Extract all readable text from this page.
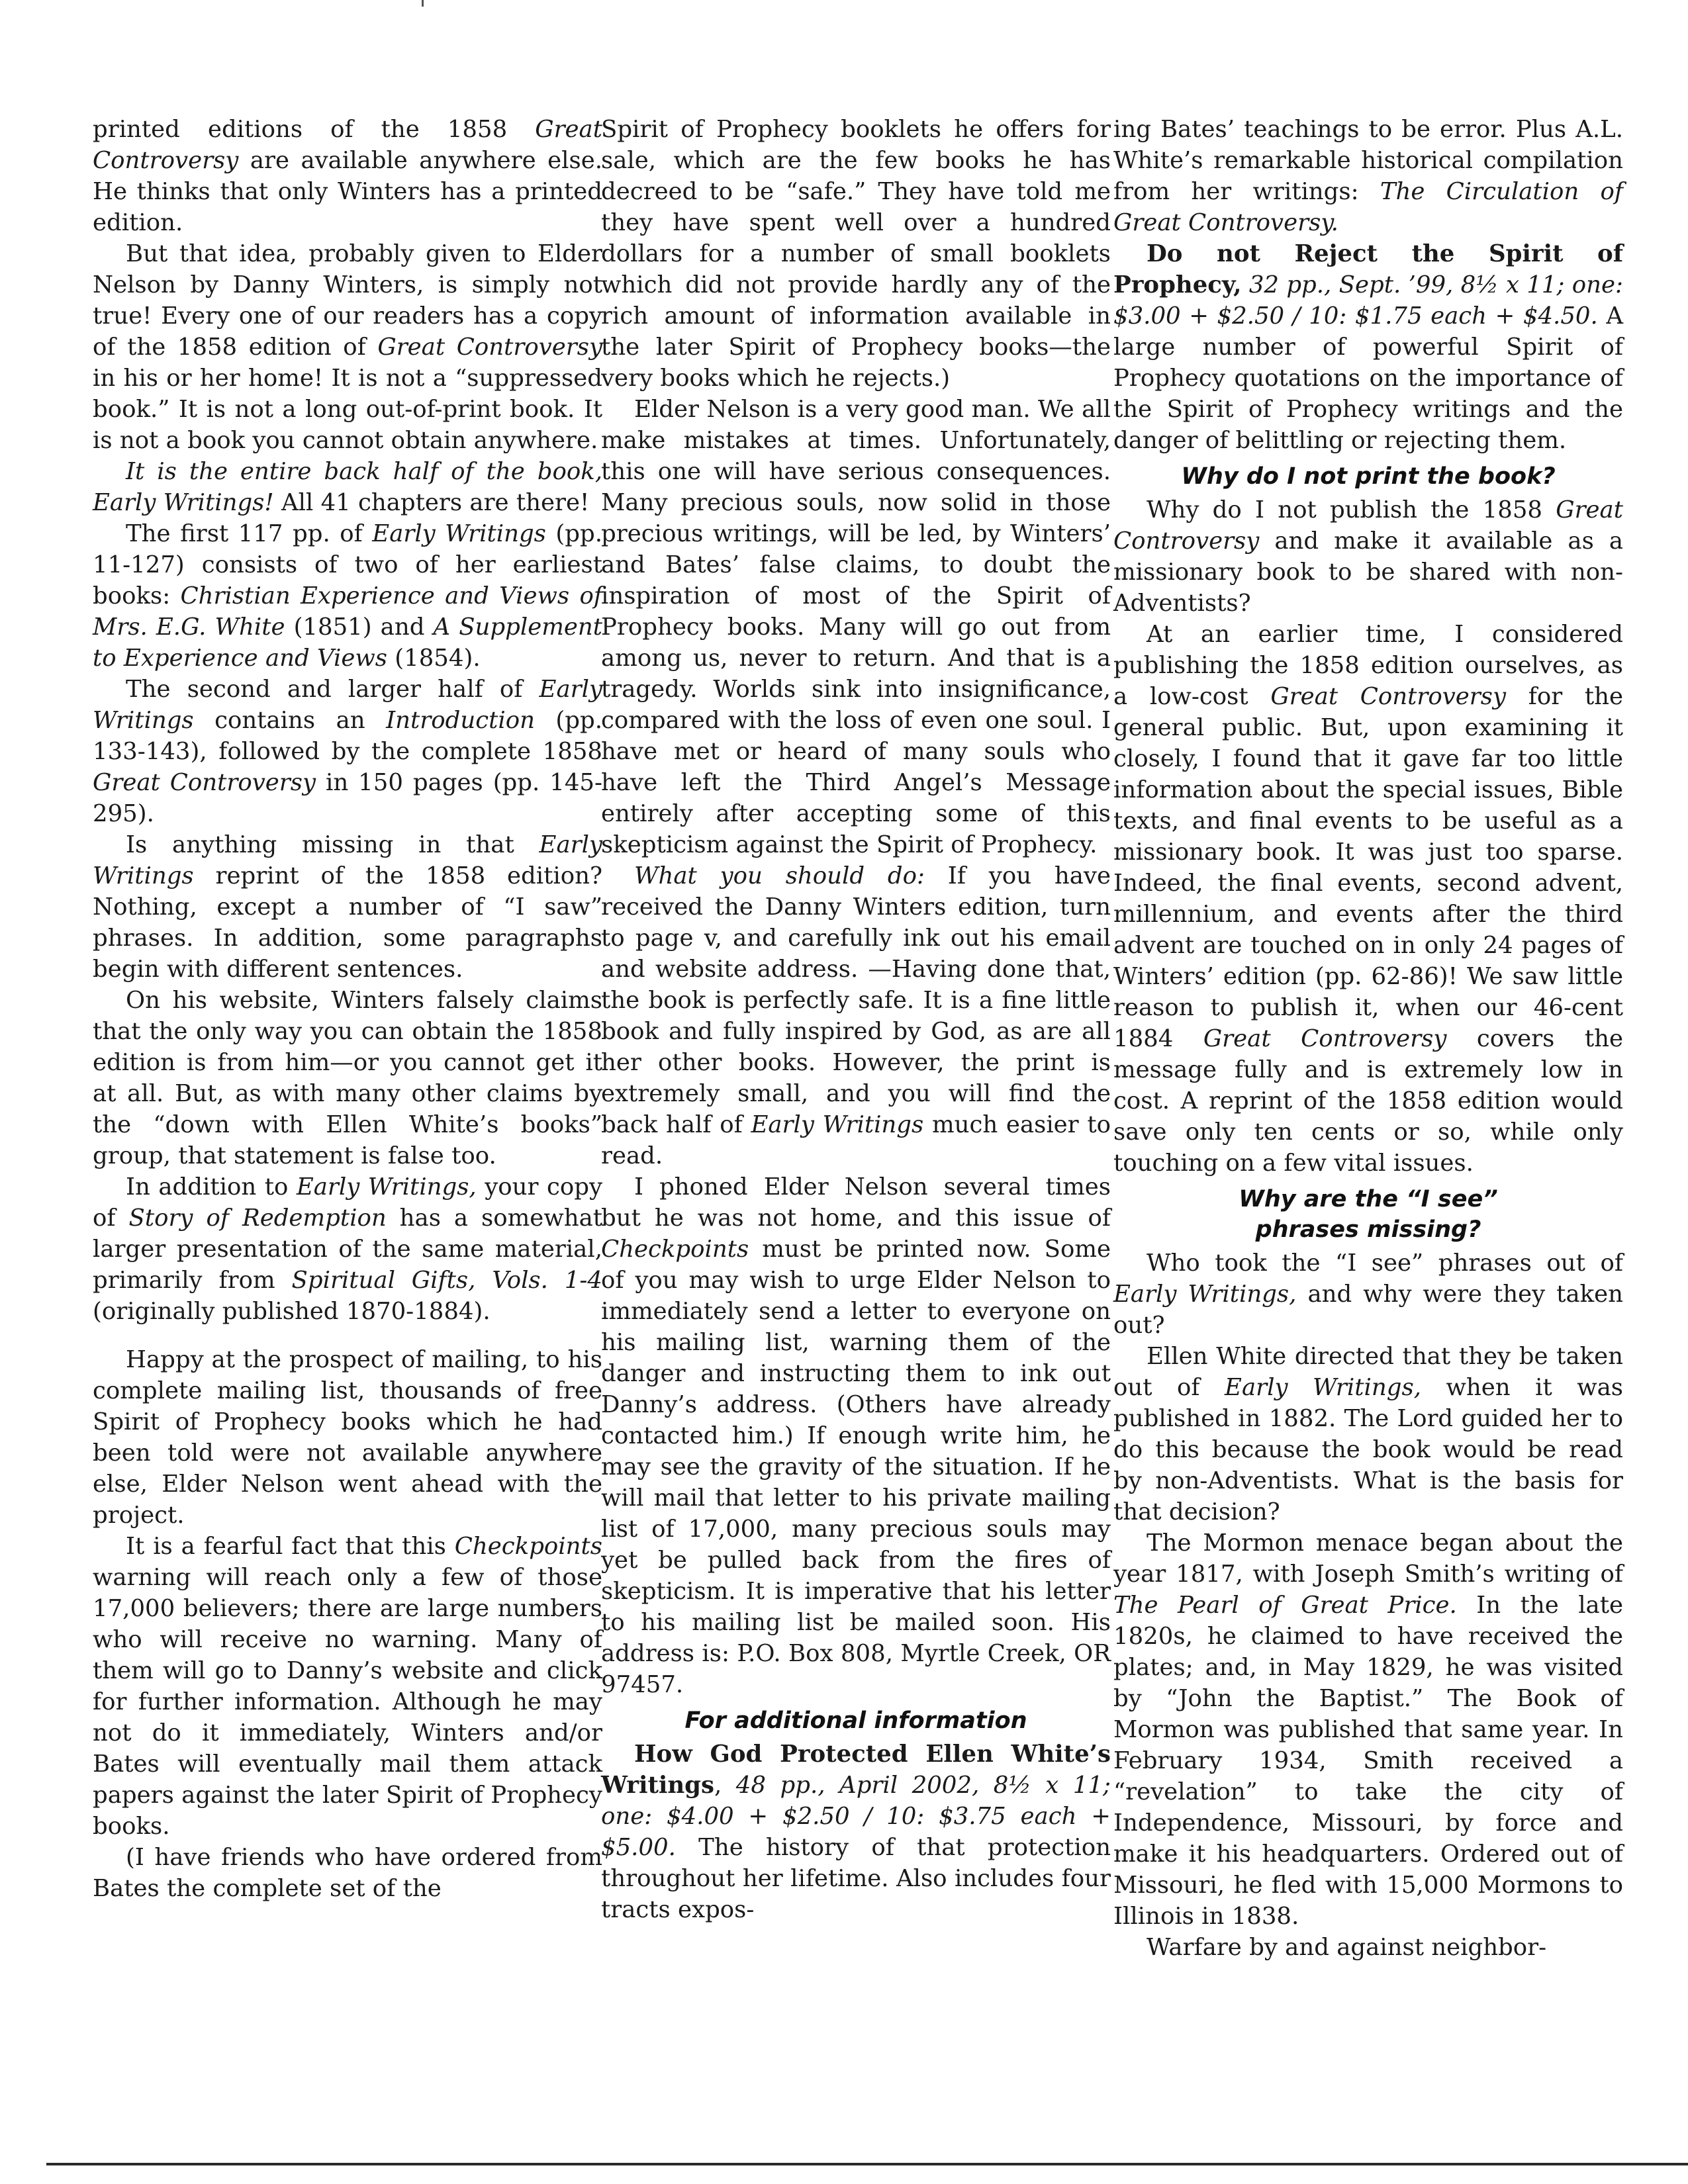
printed editions of the 1858 Great Controversy are available anywhere else. He thinks that only Winters has a printed edition.

But that idea, probably given to Elder Nelson by Danny Winters, is simply not true! Every one of our readers has a copy of the 1858 edition of Great Controversy in his or her home! It is not a “suppressed book.” It is not a long out-of-print book. It is not a book you cannot obtain anywhere.

It is the entire back half of the book, Early Writings! All 41 chapters are there!

The first 117 pp. of Early Writings (pp. 11-127) consists of two of her earliest books: Christian Experience and Views of Mrs. E.G. White (1851) and A Supplement to Experience and Views (1854).

The second and larger half of Early Writings contains an Introduction (pp. 133-143), followed by the complete 1858 Great Controversy in 150 pages (pp. 145-295).

Is anything missing in that Early Writings reprint of the 1858 edition? Nothing, except a number of “I saw” phrases. In addition, some paragraphs begin with different sentences.

On his website, Winters falsely claims that the only way you can obtain the 1858 edition is from him—or you cannot get it at all. But, as with many other claims by the “down with Ellen White’s books” group, that statement is false too.

In addition to Early Writings, your copy of Story of Redemption has a somewhat larger presentation of the same material, primarily from Spiritual Gifts, Vols. 1-4 (originally published 1870-1884).

Happy at the prospect of mailing, to his complete mailing list, thousands of free Spirit of Prophecy books which he had been told were not available anywhere else, Elder Nelson went ahead with the project.

It is a fearful fact that this Checkpoints warning will reach only a few of those 17,000 believers; there are large numbers who will receive no warning. Many of them will go to Danny’s website and click for further information. Although he may not do it immediately, Winters and/or Bates will eventually mail them attack papers against the later Spirit of Prophecy books.

(I have friends who have ordered from Bates the complete set of the

Spirit of Prophecy booklets he offers for sale, which are the few books he has decreed to be “safe.” They have told me they have spent well over a hundred dollars for a number of small booklets which did not provide hardly any of the rich amount of information available in the later Spirit of Prophecy books—the very books which he rejects.)

Elder Nelson is a very good man. We all make mistakes at times. Unfortunately, this one will have serious consequences. Many precious souls, now solid in those precious writings, will be led, by Winters’ and Bates’ false claims, to doubt the inspiration of most of the Spirit of Prophecy books. Many will go out from among us, never to return. And that is a tragedy. Worlds sink into insignificance, compared with the loss of even one soul. I have met or heard of many souls who have left the Third Angel’s Message entirely after accepting some of this skepticism against the Spirit of Prophecy.

What you should do: If you have received the Danny Winters edition, turn to page v, and carefully ink out his email and website address. —Having done that, the book is perfectly safe. It is a fine little book and fully inspired by God, as are all her other books. However, the print is extremely small, and you will find the back half of Early Writings much easier to read.

I phoned Elder Nelson several times but he was not home, and this issue of Checkpoints must be printed now. Some of you may wish to urge Elder Nelson to immediately send a letter to everyone on his mailing list, warning them of the danger and instructing them to ink out Danny’s address. (Others have already contacted him.) If enough write him, he may see the gravity of the situation. If he will mail that letter to his private mailing list of 17,000, many precious souls may yet be pulled back from the fires of skepticism. It is imperative that his letter to his mailing list be mailed soon. His address is: P.O. Box 808, Myrtle Creek, OR 97457.

For additional information

How God Protected Ellen White’s Writings, 48 pp., April 2002, 8½ x 11; one: $4.00 + $2.50 / 10: $3.75 each + $5.00. The history of that protection throughout her lifetime. Also includes four tracts expos-

ing Bates’ teachings to be error. Plus A.L. White’s remarkable historical compilation from her writings: The Circulation of Great Controversy.

Do not Reject the Spirit of Prophecy, 32 pp., Sept. ’99, 8½ x 11; one: $3.00 + $2.50 / 10: $1.75 each + $4.50. A large number of powerful Spirit of Prophecy quotations on the importance of the Spirit of Prophecy writings and the danger of belittling or rejecting them.

Why do I not print the book?

Why do I not publish the 1858 Great Controversy and make it available as a missionary book to be shared with non-Adventists?

At an earlier time, I considered publishing the 1858 edition ourselves, as a low-cost Great Controversy for the general public. But, upon examining it closely, I found that it gave far too little information about the special issues, Bible texts, and final events to be useful as a missionary book. It was just too sparse. Indeed, the final events, second advent, millennium, and events after the third advent are touched on in only 24 pages of Winters’ edition (pp. 62-86)! We saw little reason to publish it, when our 46-cent 1884 Great Controversy covers the message fully and is extremely low in cost. A reprint of the 1858 edition would save only ten cents or so, while only touching on a few vital issues.

Why are the “I see”
phrases missing?

Who took the “I see” phrases out of Early Writings, and why were they taken out?

Ellen White directed that they be taken out of Early Writings, when it was published in 1882. The Lord guided her to do this because the book would be read by non-Adventists. What is the basis for that decision?

The Mormon menace began about the year 1817, with Joseph Smith’s writing of The Pearl of Great Price. In the late 1820s, he claimed to have received the plates; and, in May 1829, he was visited by “John the Baptist.” The Book of Mormon was published that same year. In February 1934, Smith received a “revelation” to take the city of Independence, Missouri, by force and make it his headquarters. Ordered out of Missouri, he fled with 15,000 Mormons to Illinois in 1838.

Warfare by and against neighbor-
